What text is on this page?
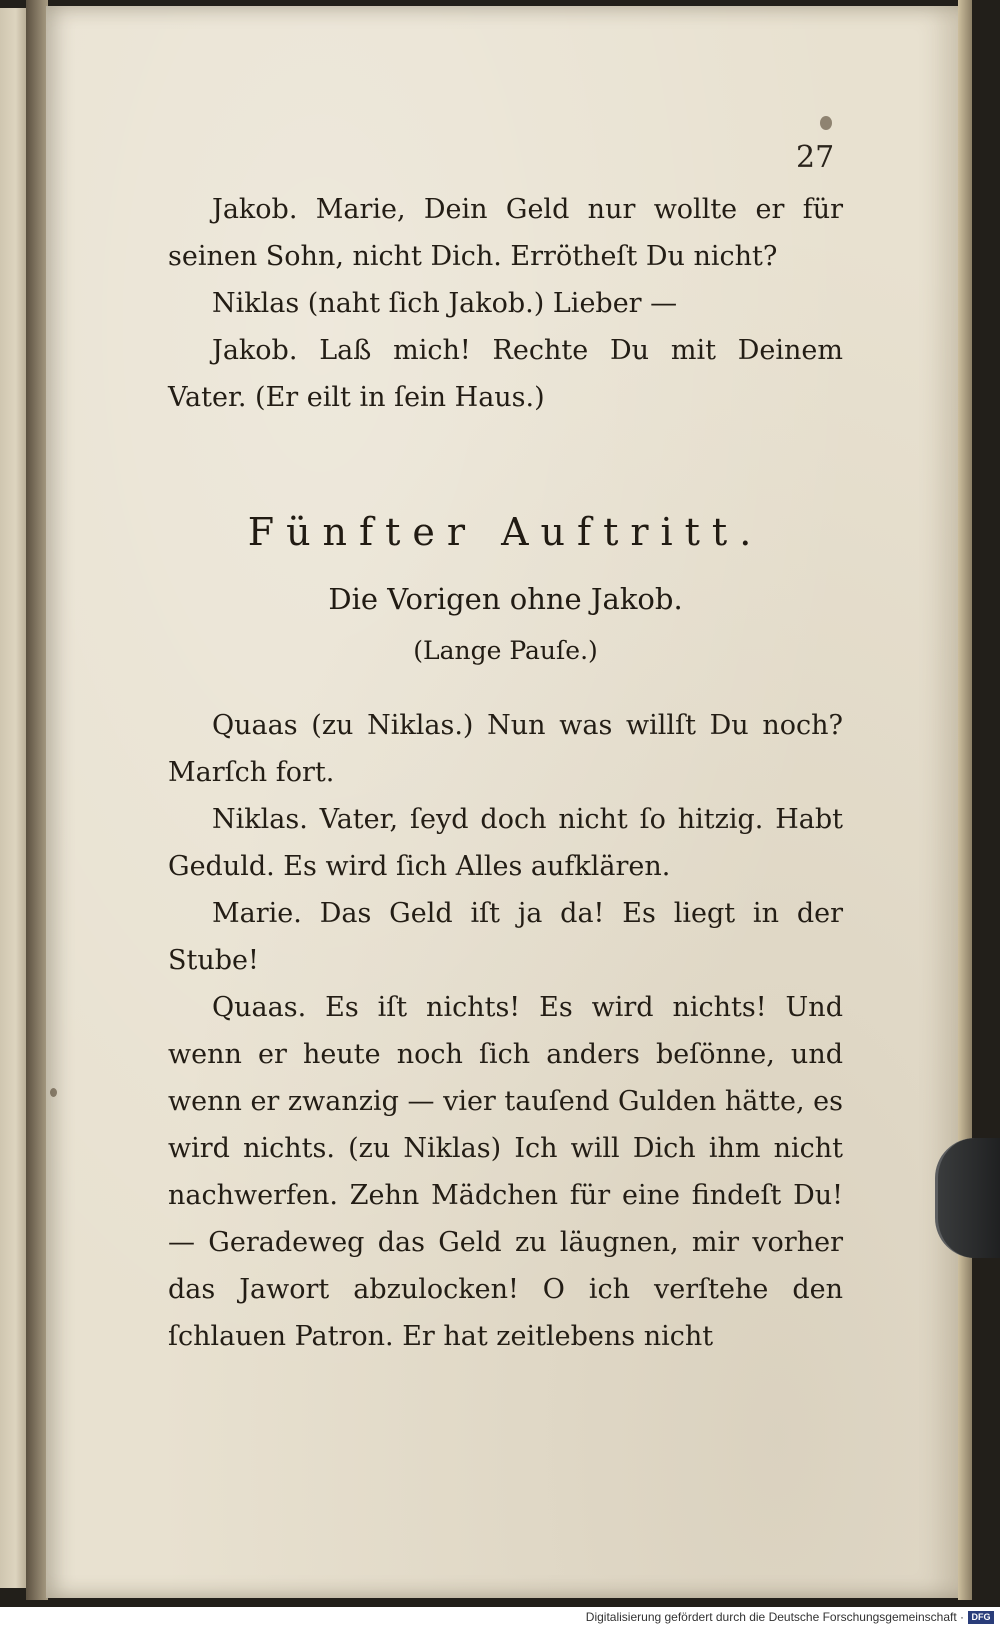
27

Jakob. Marie, Dein Geld nur wollte er für seinen Sohn, nicht Dich. Errötheſt Du nicht?

Niklas (naht ſich Jakob.) Lieber —

Jakob. Laß mich! Rechte Du mit Deinem Vater. (Er eilt in ſein Haus.)

Fünfter Auftritt.
Die Vorigen ohne Jakob.
(Lange Pauſe.)

Quaas (zu Niklas.) Nun was willſt Du noch? Marſch fort.

Niklas. Vater, ſeyd doch nicht ſo hitzig. Habt Geduld. Es wird ſich Alles aufklären.

Marie. Das Geld iſt ja da! Es liegt in der Stube!

Quaas. Es iſt nichts! Es wird nichts! Und wenn er heute noch ſich anders beſönne, und wenn er zwanzig — vier tauſend Gulden hätte, es wird nichts. (zu Niklas) Ich will Dich ihm nicht nachwerfen. Zehn Mädchen für eine findeſt Du! — Geradeweg das Geld zu läugnen, mir vorher das Jawort abzulocken! O ich verſtehe den ſchlauen Patron. Er hat zeitlebens nicht

Digitalisierung gefördert durch die Deutsche Forschungsgemeinschaft · DFG
